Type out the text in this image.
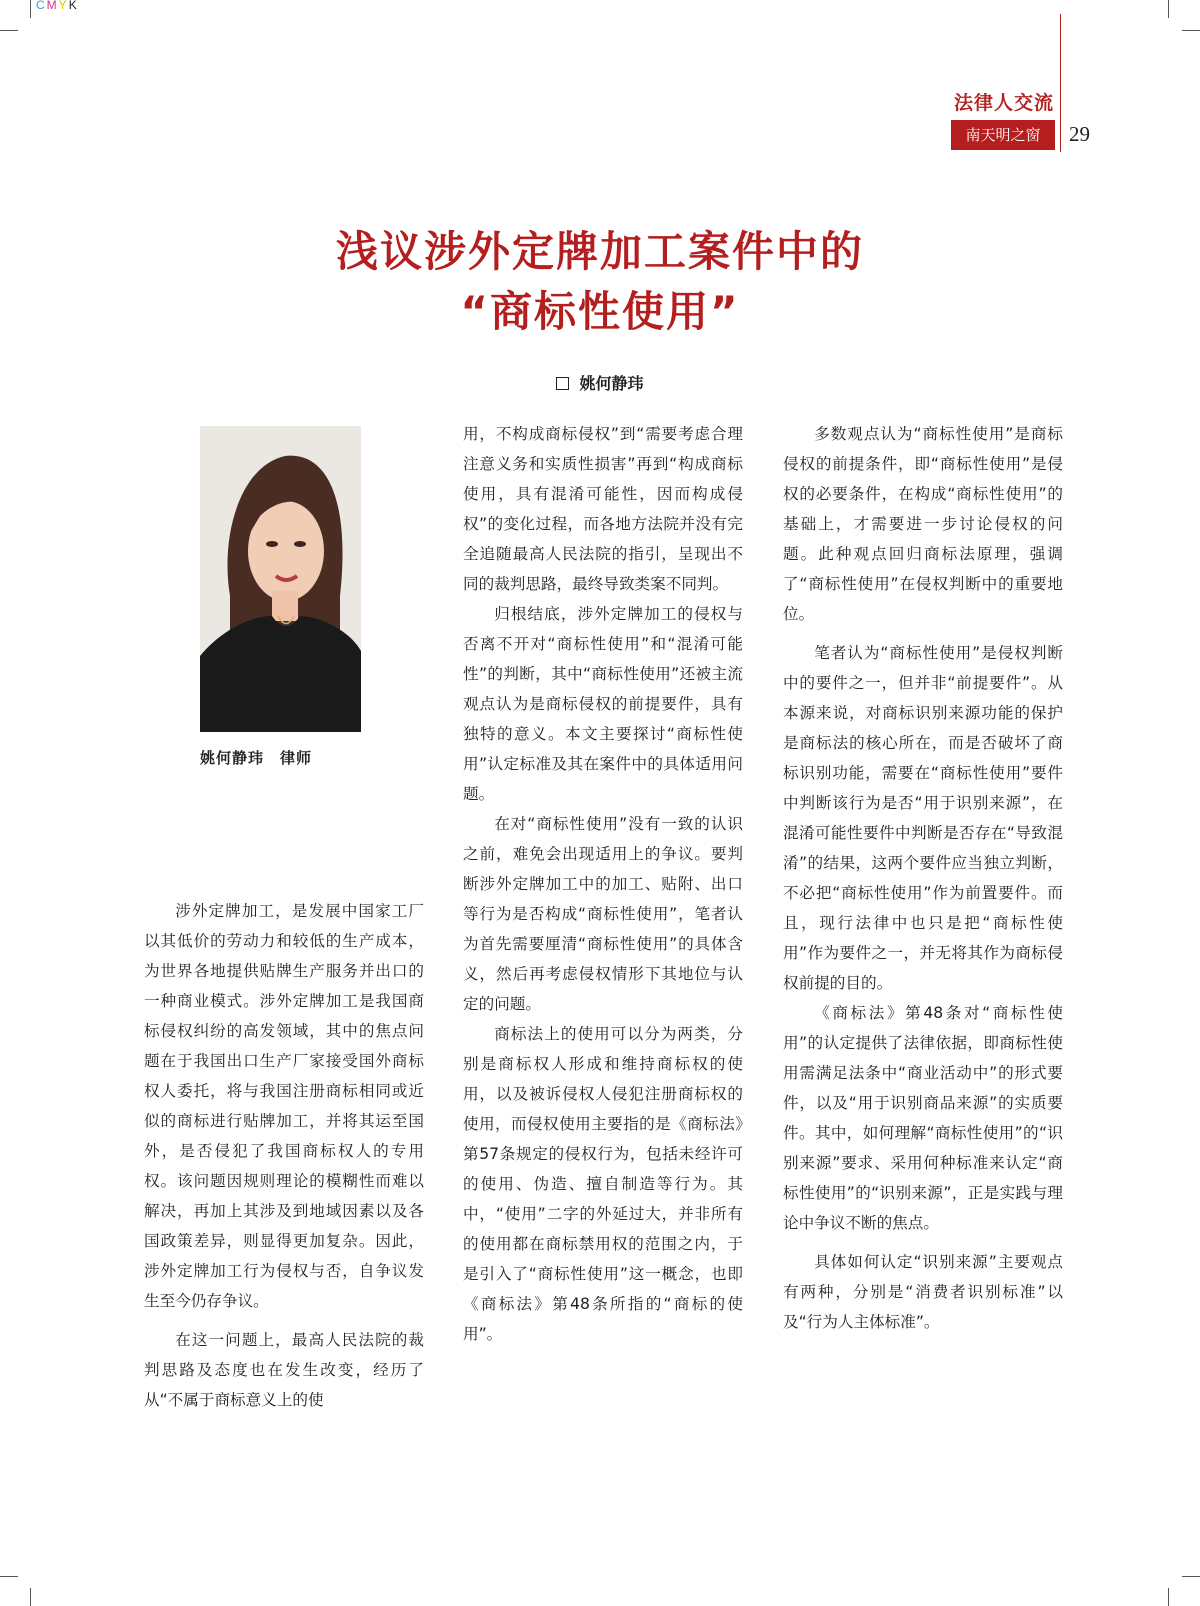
CMYK
法律人交流
南天明之窗	29
浅议涉外定牌加工案件中的
“商标性使用”
姚何静玮
姚何静玮　律师

涉外定牌加工，是发展中国家工厂以其低价的劳动力和较低的生产成本，为世界各地提供贴牌生产服务并出口的一种商业模式。涉外定牌加工是我国商标侵权纠纷的高发领域，其中的焦点问题在于我国出口生产厂家接受国外商标权人委托，将与我国注册商标相同或近似的商标进行贴牌加工，并将其运至国外，是否侵犯了我国商标权人的专用权。该问题因规则理论的模糊性而难以解决，再加上其涉及到地域因素以及各国政策差异，则显得更加复杂。因此，涉外定牌加工行为侵权与否，自争议发生至今仍存争议。

在这一问题上，最高人民法院的裁判思路及态度也在发生改变，经历了从“不属于商标意义上的使

用，不构成商标侵权”到“需要考虑合理注意义务和实质性损害”再到“构成商标使用，具有混淆可能性，因而构成侵权”的变化过程，而各地方法院并没有完全追随最高人民法院的指引，呈现出不同的裁判思路，最终导致类案不同判。

归根结底，涉外定牌加工的侵权与否离不开对“商标性使用”和“混淆可能性”的判断，其中“商标性使用”还被主流观点认为是商标侵权的前提要件，具有独特的意义。本文主要探讨“商标性使用”认定标准及其在案件中的具体适用问题。

在对“商标性使用”没有一致的认识之前，难免会出现适用上的争议。要判断涉外定牌加工中的加工、贴附、出口等行为是否构成“商标性使用”，笔者认为首先需要厘清“商标性使用”的具体含义，然后再考虑侵权情形下其地位与认定的问题。

商标法上的使用可以分为两类，分别是商标权人形成和维持商标权的使用，以及被诉侵权人侵犯注册商标权的使用，而侵权使用主要指的是《商标法》第57条规定的侵权行为，包括未经许可的使用、伪造、擅自制造等行为。其中，“使用”二字的外延过大，并非所有的使用都在商标禁用权的范围之内，于是引入了“商标性使用”这一概念，也即《商标法》第48条所指的“商标的使用”。

多数观点认为“商标性使用”是商标侵权的前提条件，即“商标性使用”是侵权的必要条件，在构成“商标性使用”的基础上，才需要进一步讨论侵权的问题。此种观点回归商标法原理，强调了“商标性使用”在侵权判断中的重要地位。

笔者认为“商标性使用”是侵权判断中的要件之一，但并非“前提要件”。从本源来说，对商标识别来源功能的保护是商标法的核心所在，而是否破坏了商标识别功能，需要在“商标性使用”要件中判断该行为是否“用于识别来源”，在混淆可能性要件中判断是否存在“导致混淆”的结果，这两个要件应当独立判断，不必把“商标性使用”作为前置要件。而且，现行法律中也只是把“商标性使用”作为要件之一，并无将其作为商标侵权前提的目的。

《商标法》第48条对“商标性使用”的认定提供了法律依据，即商标性使用需满足法条中“商业活动中”的形式要件，以及“用于识别商品来源”的实质要件。其中，如何理解“商标性使用”的“识别来源”要求、采用何种标准来认定“商标性使用”的“识别来源”，正是实践与理论中争议不断的焦点。

具体如何认定“识别来源”主要观点有两种，分别是“消费者识别标准”以及“行为人主体标准”。
